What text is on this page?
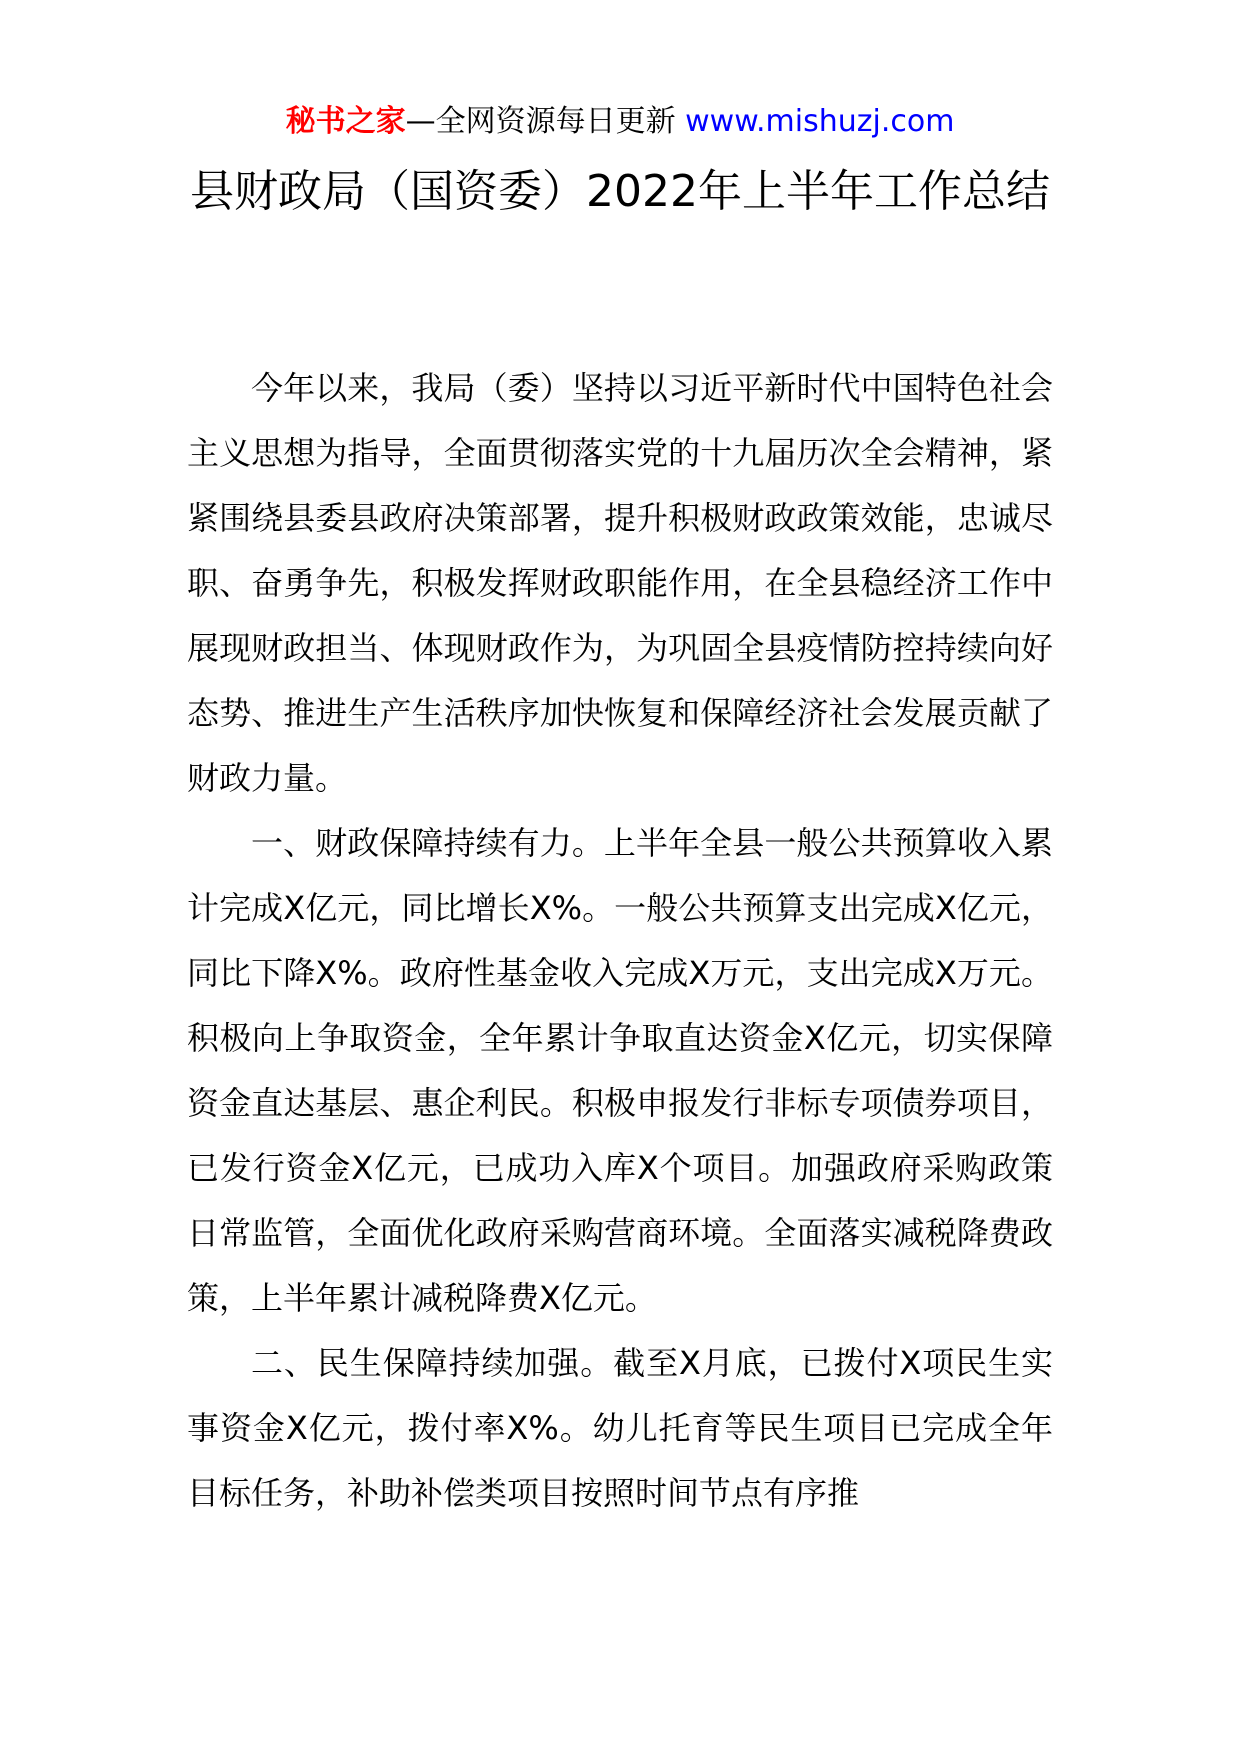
秘书之家—全网资源每日更新 www.mishuzj.com
县财政局（国资委）2022年上半年工作总结

今年以来，我局（委）坚持以习近平新时代中国特色社会主义思想为指导，全面贯彻落实党的十九届历次全会精神，紧紧围绕县委县政府决策部署，提升积极财政政策效能，忠诚尽职、奋勇争先，积极发挥财政职能作用，在全县稳经济工作中展现财政担当、体现财政作为，为巩固全县疫情防控持续向好态势、推进生产生活秩序加快恢复和保障经济社会发展贡献了财政力量。

一、财政保障持续有力。上半年全县一般公共预算收入累计完成X亿元，同比增长X%。一般公共预算支出完成X亿元，同比下降X%。政府性基金收入完成X万元，支出完成X万元。积极向上争取资金，全年累计争取直达资金X亿元，切实保障资金直达基层、惠企利民。积极申报发行非标专项债券项目，已发行资金X亿元，已成功入库X个项目。加强政府采购政策日常监管，全面优化政府采购营商环境。全面落实减税降费政策，上半年累计减税降费X亿元。

二、民生保障持续加强。截至X月底，已拨付X项民生实事资金X亿元，拨付率X%。幼儿托育等民生项目已完成全年目标任务，补助补偿类项目按照时间节点有序推
